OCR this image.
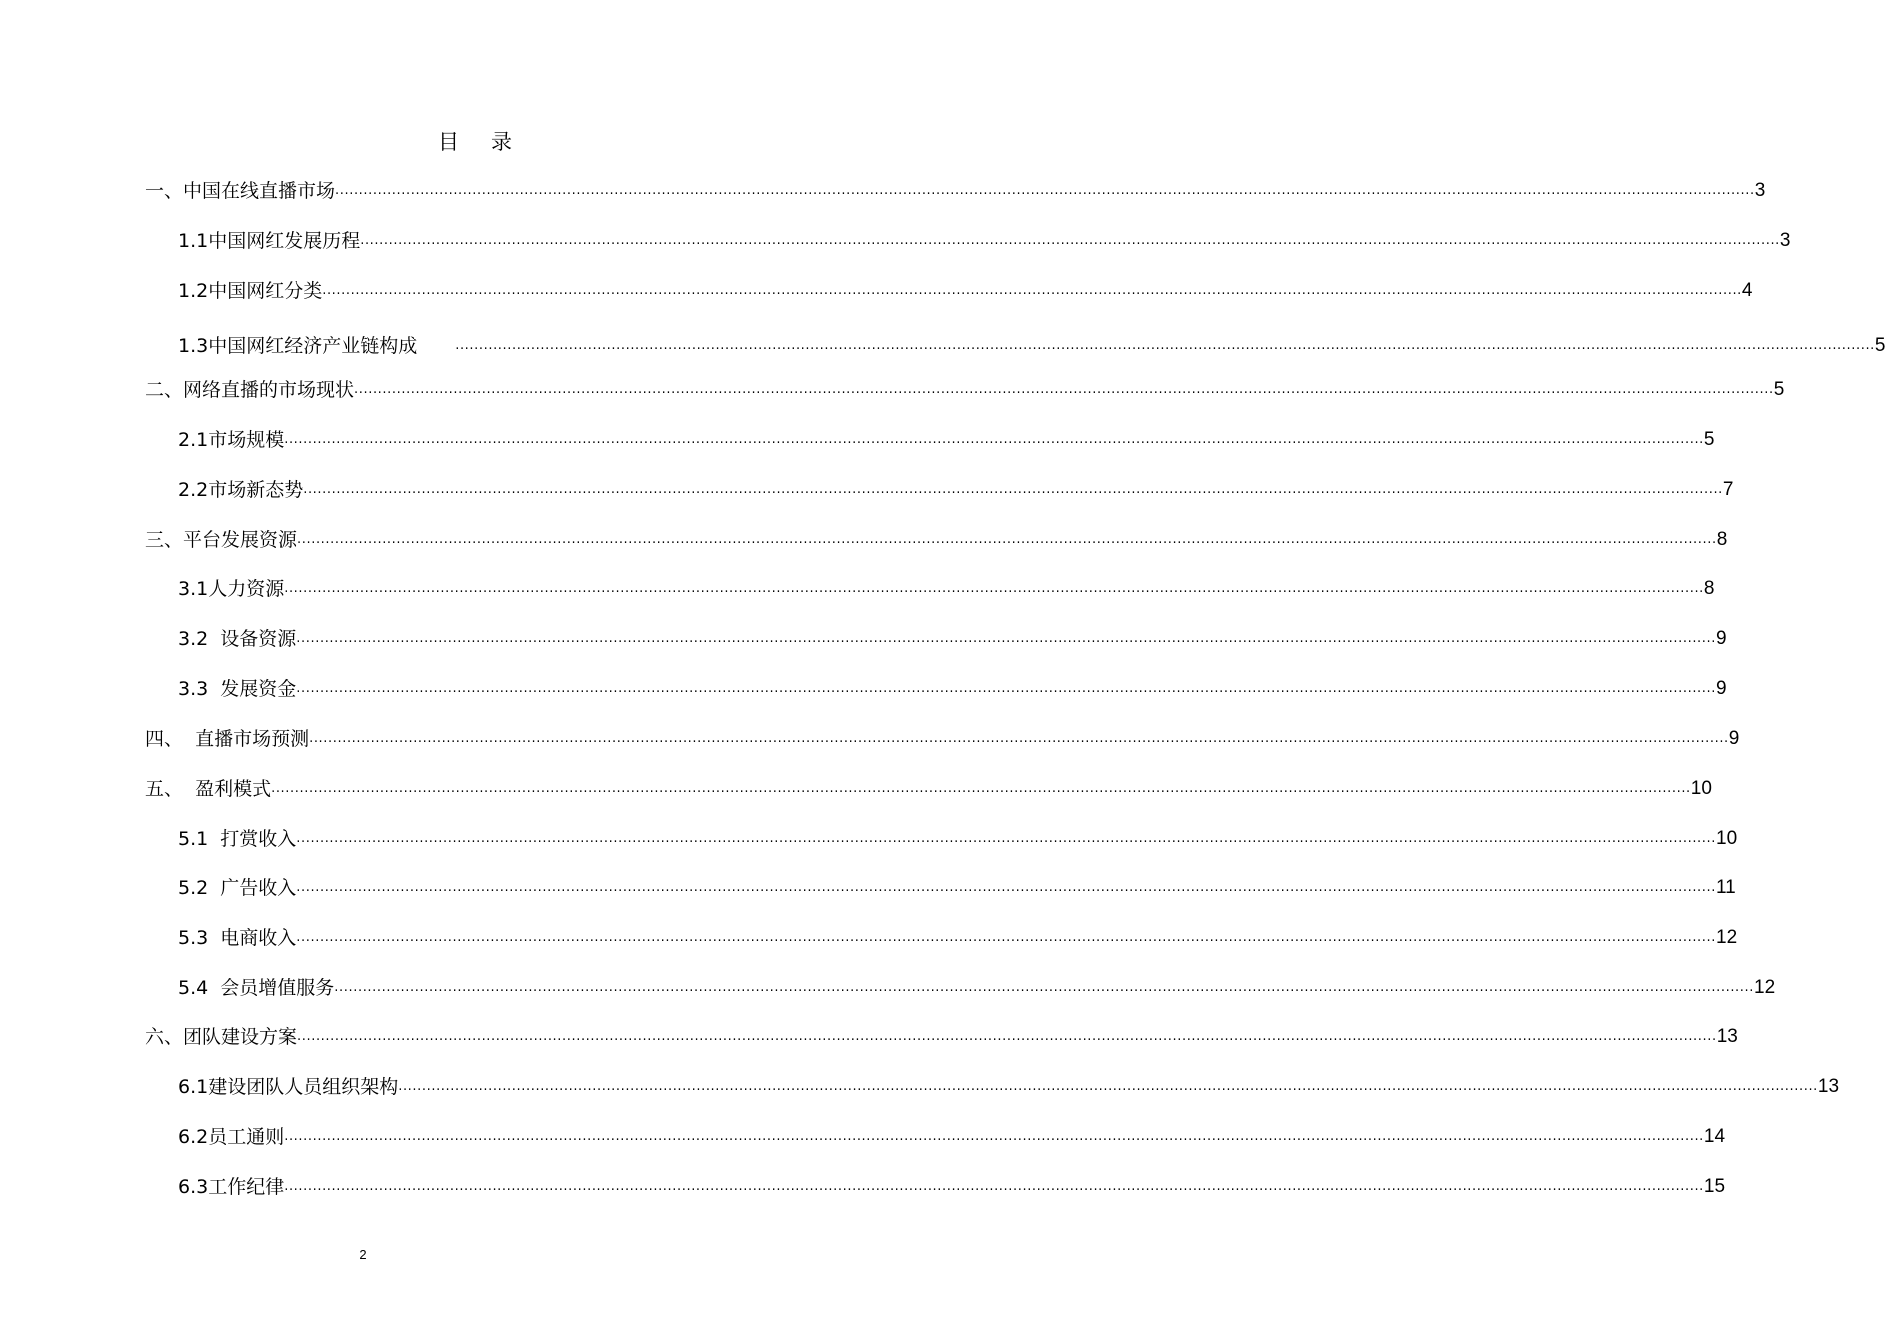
目 录
一、中国在线直播市场 ............................................................................................................................................................................................................................................................................................................ 3
1.1中国网红发展历程 ............................................................................................................................................................................................................................................................................................................ 3
1.2中国网红分类 ............................................................................................................................................................................................................................................................................................................ 4
1.3中国网红经济产业链构成	............................................................................................................................................................................................................................................................................................................ 5
二、网络直播的市场现状 ............................................................................................................................................................................................................................................................................................................ 5
2.1市场规模 ............................................................................................................................................................................................................................................................................................................ 5
2.2市场新态势 ............................................................................................................................................................................................................................................................................................................ 7
三、平台发展资源 ............................................................................................................................................................................................................................................................................................................ 8
3.1人力资源 ............................................................................................................................................................................................................................................................................................................ 8
3.2  设备资源 ............................................................................................................................................................................................................................................................................................................ 9
3.3  发展资金 ............................................................................................................................................................................................................................................................................................................ 9
四、  直播市场预测 ............................................................................................................................................................................................................................................................................................................ 9
五、  盈利模式 ............................................................................................................................................................................................................................................................................................................ 10
5.1  打赏收入 ............................................................................................................................................................................................................................................................................................................ 10
5.2  广告收入 ............................................................................................................................................................................................................................................................................................................ 11
5.3  电商收入 ............................................................................................................................................................................................................................................................................................................ 12
5.4  会员增值服务 ............................................................................................................................................................................................................................................................................................................ 12
六、团队建设方案 ............................................................................................................................................................................................................................................................................................................ 13
6.1建设团队人员组织架构 ............................................................................................................................................................................................................................................................................................................ 13
6.2员工通则 ............................................................................................................................................................................................................................................................................................................ 14
6.3工作纪律 ............................................................................................................................................................................................................................................................................................................ 15
2
